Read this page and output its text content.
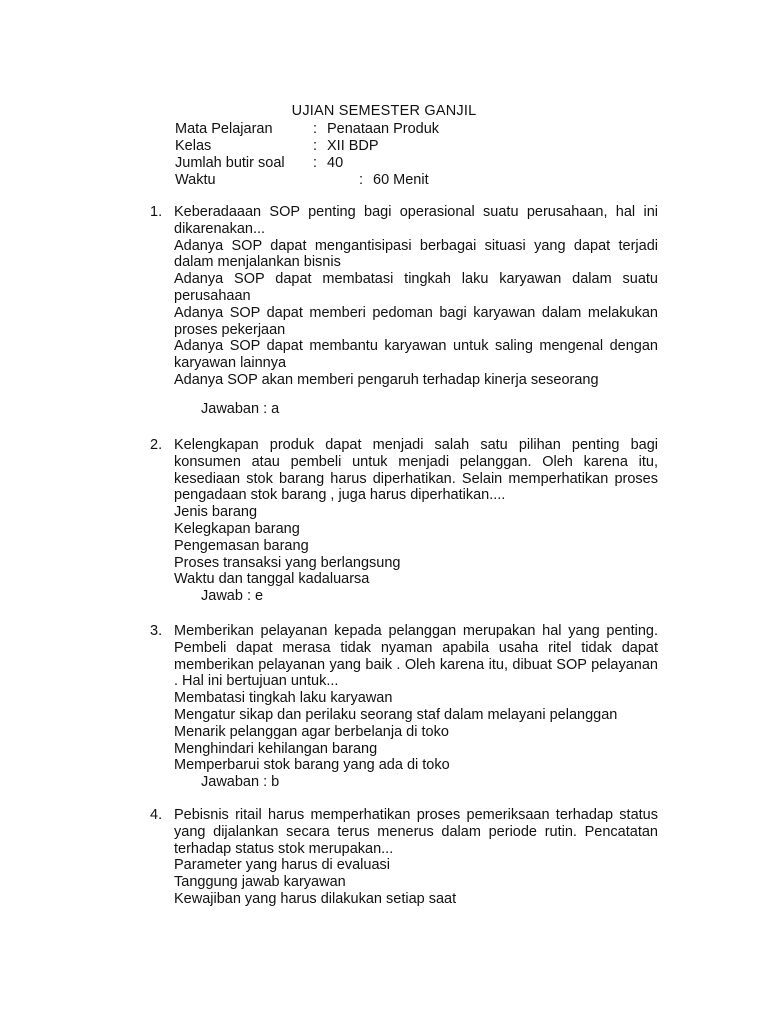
UJIAN SEMESTER GANJIL
Mata Pelajaran	: Penataan Produk
Kelas	: XII BDP
Jumlah butir soal : 40
Waktu	: 60 Menit
1. Keberadaaan SOP penting bagi operasional suatu perusahaan, hal ini dikarenakan...
Adanya SOP dapat mengantisipasi berbagai situasi yang dapat terjadi dalam menjalankan bisnis
Adanya SOP dapat membatasi tingkah laku karyawan dalam suatu perusahaan
Adanya SOP dapat memberi pedoman bagi karyawan dalam melakukan proses pekerjaan
Adanya SOP dapat membantu karyawan untuk saling mengenal dengan karyawan lainnya
Adanya SOP akan memberi pengaruh terhadap kinerja seseorang
Jawaban : a
2. Kelengkapan produk dapat menjadi salah satu pilihan penting bagi konsumen atau pembeli untuk menjadi pelanggan. Oleh karena itu, kesediaan stok barang harus diperhatikan. Selain memperhatikan proses pengadaan stok barang , juga harus diperhatikan....
Jenis barang
Kelegkapan barang
Pengemasan barang
Proses transaksi yang berlangsung
Waktu dan tanggal kadaluarsa
Jawab : e
3. Memberikan pelayanan kepada pelanggan merupakan hal yang penting. Pembeli dapat merasa tidak nyaman apabila usaha ritel tidak dapat memberikan pelayanan yang baik . Oleh karena itu, dibuat SOP pelayanan . Hal ini bertujuan untuk...
Membatasi tingkah laku karyawan
Mengatur sikap dan perilaku seorang staf dalam melayani pelanggan
Menarik pelanggan agar berbelanja di toko
Menghindari kehilangan barang
Memperbarui stok barang yang ada di toko
Jawaban : b
4. Pebisnis ritail harus memperhatikan proses pemeriksaan terhadap status yang dijalankan secara terus menerus dalam periode rutin. Pencatatan terhadap status stok merupakan...
Parameter yang harus di evaluasi
Tanggung jawab karyawan
Kewajiban yang harus dilakukan setiap saat
